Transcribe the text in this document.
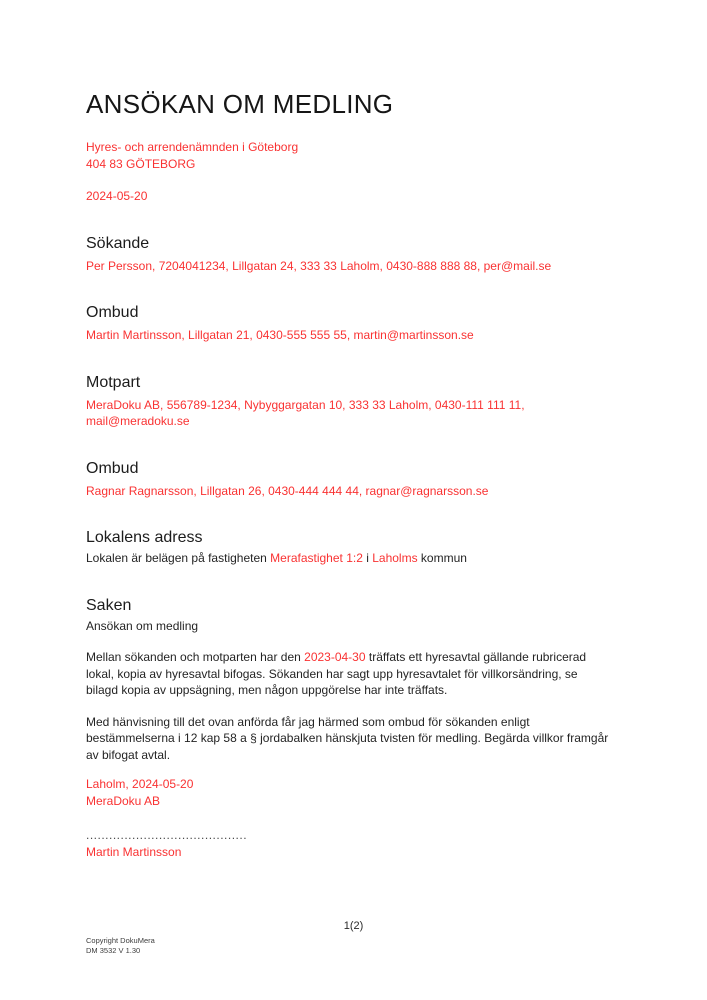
ANSÖKAN OM MEDLING
Hyres- och arrendenämnden i Göteborg
404 83 GÖTEBORG
2024-05-20
Sökande
Per Persson, 7204041234, Lillgatan 24, 333 33 Laholm, 0430-888 888 88, per@mail.se
Ombud
Martin Martinsson, Lillgatan 21, 0430-555 555 55, martin@martinsson.se
Motpart
MeraDoku AB, 556789-1234, Nybyggargatan 10, 333 33 Laholm, 0430-111 111 11, mail@meradoku.se
Ombud
Ragnar Ragnarsson, Lillgatan 26, 0430-444 444 44, ragnar@ragnarsson.se
Lokalens adress
Lokalen är belägen på fastigheten Merafastighet 1:2 i Laholms kommun
Saken
Ansökan om medling
Mellan sökanden och motparten har den 2023-04-30 träffats ett hyresavtal gällande rubricerad lokal, kopia av hyresavtal bifogas. Sökanden har sagt upp hyresavtalet för villkorsändring, se bilagd kopia av uppsägning, men någon uppgörelse har inte träffats.
Med hänvisning till det ovan anförda får jag härmed som ombud för sökanden enligt bestämmelserna i 12 kap 58 a § jordabalken hänskjuta tvisten för medling. Begärda villkor framgår av bifogat avtal.
Laholm, 2024-05-20
MeraDoku AB
..........................................
Martin Martinsson
1(2)
Copyright DokuMera
DM 3532 V 1.30
